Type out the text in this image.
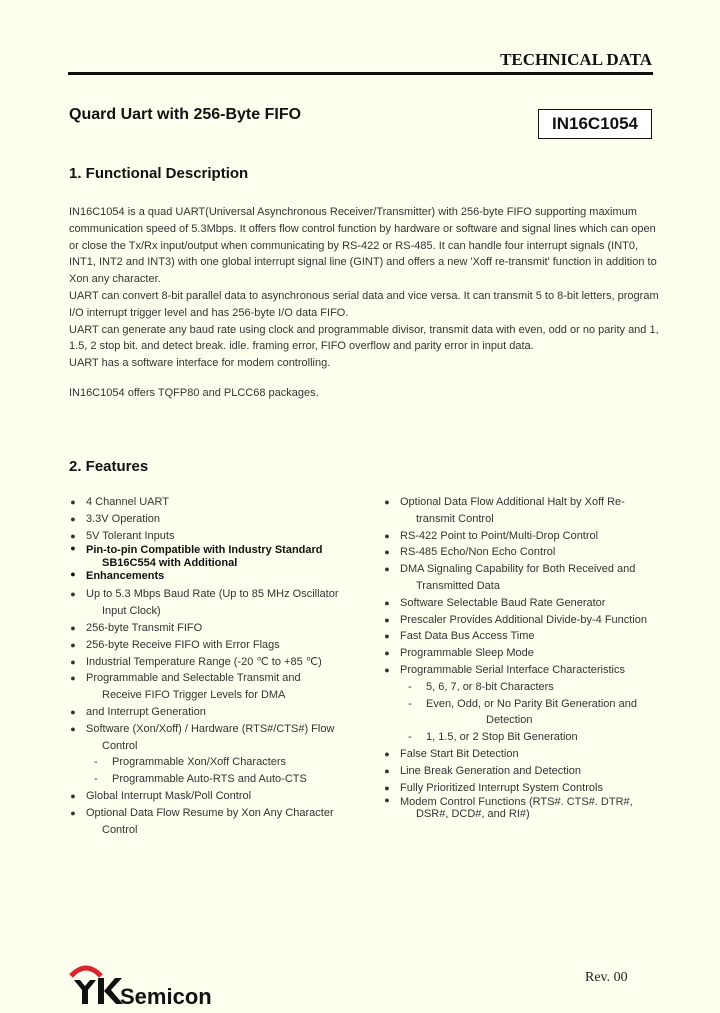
TECHNICAL DATA
Quard Uart with 256-Byte FIFO	IN16C1054
1. Functional Description

IN16C1054 is a quad UART(Universal Asynchronous Receiver/Transmitter) with 256-byte FIFO supporting maximum communication speed of 5.3Mbps. It offers flow control function by hardware or software and signal lines which can open or close the Tx/Rx input/output when communicating by RS-422 or RS-485. It can handle four interrupt signals (INT0, INT1, INT2 and INT3) with one global interrupt signal line (GINT) and offers a new 'Xoff re-transmit' function in addition to Xon any character.

UART can convert 8-bit parallel data to asynchronous serial data and vice versa. It can transmit 5 to 8-bit letters, program I/O interrupt trigger level and has 256-byte I/O data FIFO.

UART can generate any baud rate using clock and programmable divisor, transmit data with even, odd or no parity and 1, 1.5, 2 stop bit. and detect break. idle. framing error, FIFO overflow and parity error in input data.

UART has a software interface for modem controlling.

IN16C1054 offers TQFP80 and PLCC68 packages.

2. Features
● 4 Channel UART
● 3.3V Operation
● 5V Tolerant Inputs
● Pin-to-pin Compatible with Industry Standard
SB16C554 with Additional
● Enhancements
● Up to 5.3 Mbps Baud Rate (Up to 85 MHz Oscillator
Input Clock)
● 256-byte Transmit FIFO
● 256-byte Receive FIFO with Error Flags
● Industrial Temperature Range (-20 ℃ to +85 ℃)
● Programmable and Selectable Transmit and
Receive FIFO Trigger Levels for DMA
● and Interrupt Generation
● Software (Xon/Xoff) / Hardware (RTS#/CTS#) Flow
Control
- Programmable Xon/Xoff Characters
- Programmable Auto-RTS and Auto-CTS
● Global Interrupt Mask/Poll Control
● Optional Data Flow Resume by Xon Any Character
Control
● Optional Data Flow Additional Halt by Xoff Re-
transmit Control
● RS-422 Point to Point/Multi-Drop Control
● RS-485 Echo/Non Echo Control
● DMA Signaling Capability for Both Received and
Transmitted Data
● Software Selectable Baud Rate Generator
● Prescaler Provides Additional Divide-by-4 Function
● Fast Data Bus Access Time
● Programmable Sleep Mode
● Programmable Serial Interface Characteristics
- 5, 6, 7, or 8-bit Characters
- Even, Odd, or No Parity Bit Generation and
Detection
- 1, 1.5, or 2 Stop Bit Generation
● False Start Bit Detection
● Line Break Generation and Detection
● Fully Prioritized Interrupt System Controls
● Modem Control Functions (RTS#. CTS#. DTR#,
DSR#, DCD#, and RI#)
Semicon
Rev. 00
